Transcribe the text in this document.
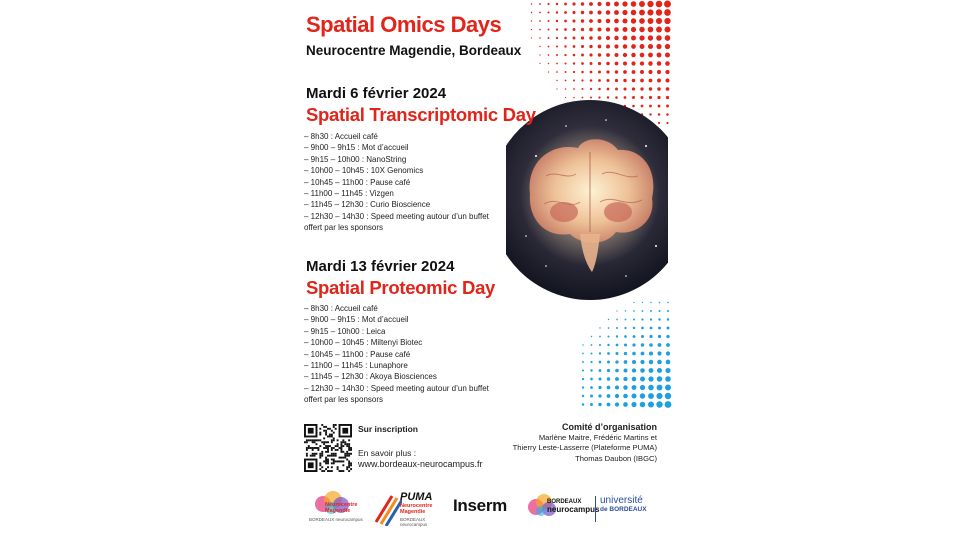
Spatial Omics Days
Neurocentre Magendie, Bordeaux
Mardi 6 février 2024
Spatial Transcriptomic Day
– 8h30 : Accueil café
– 9h00 – 9h15 : Mot d’accueil
– 9h15 – 10h00 : NanoString
– 10h00 – 10h45 : 10X Genomics
– 10h45 – 11h00 : Pause café
– 11h00 – 11h45 : Vizgen
– 11h45 – 12h30 : Curio Bioscience
– 12h30 – 14h30 : Speed meeting autour d’un buffet
offert par les sponsors
Mardi 13 février 2024
Spatial Proteomic Day
– 8h30 : Accueil café
– 9h00 – 9h15 : Mot d’accueil
– 9h15 – 10h00 : Leica
– 10h00 – 10h45 : Miltenyi Biotec
– 10h45 – 11h00 : Pause café
– 11h00 – 11h45 : Lunaphore
– 11h45 – 12h30 : Akoya Biosciences
– 12h30 – 14h30 : Speed meeting autour d’un buffet
offert par les sponsors
Sur inscription
En savoir plus :
www.bordeaux-neurocampus.fr
Comité d’organisation
Marlène Maitre, Frédéric Martins et
Thierry Leste-Lasserre (Plateforme PUMA)
Thomas Daubon (IBGC)
Neurocentre
Magendie
BORDEAUX neurocampus
PUMA
Neurocentre
Magendie
BORDEAUX neurocampus
Inserm	BORDEAUX
neurocampus
université
de BORDEAUX
